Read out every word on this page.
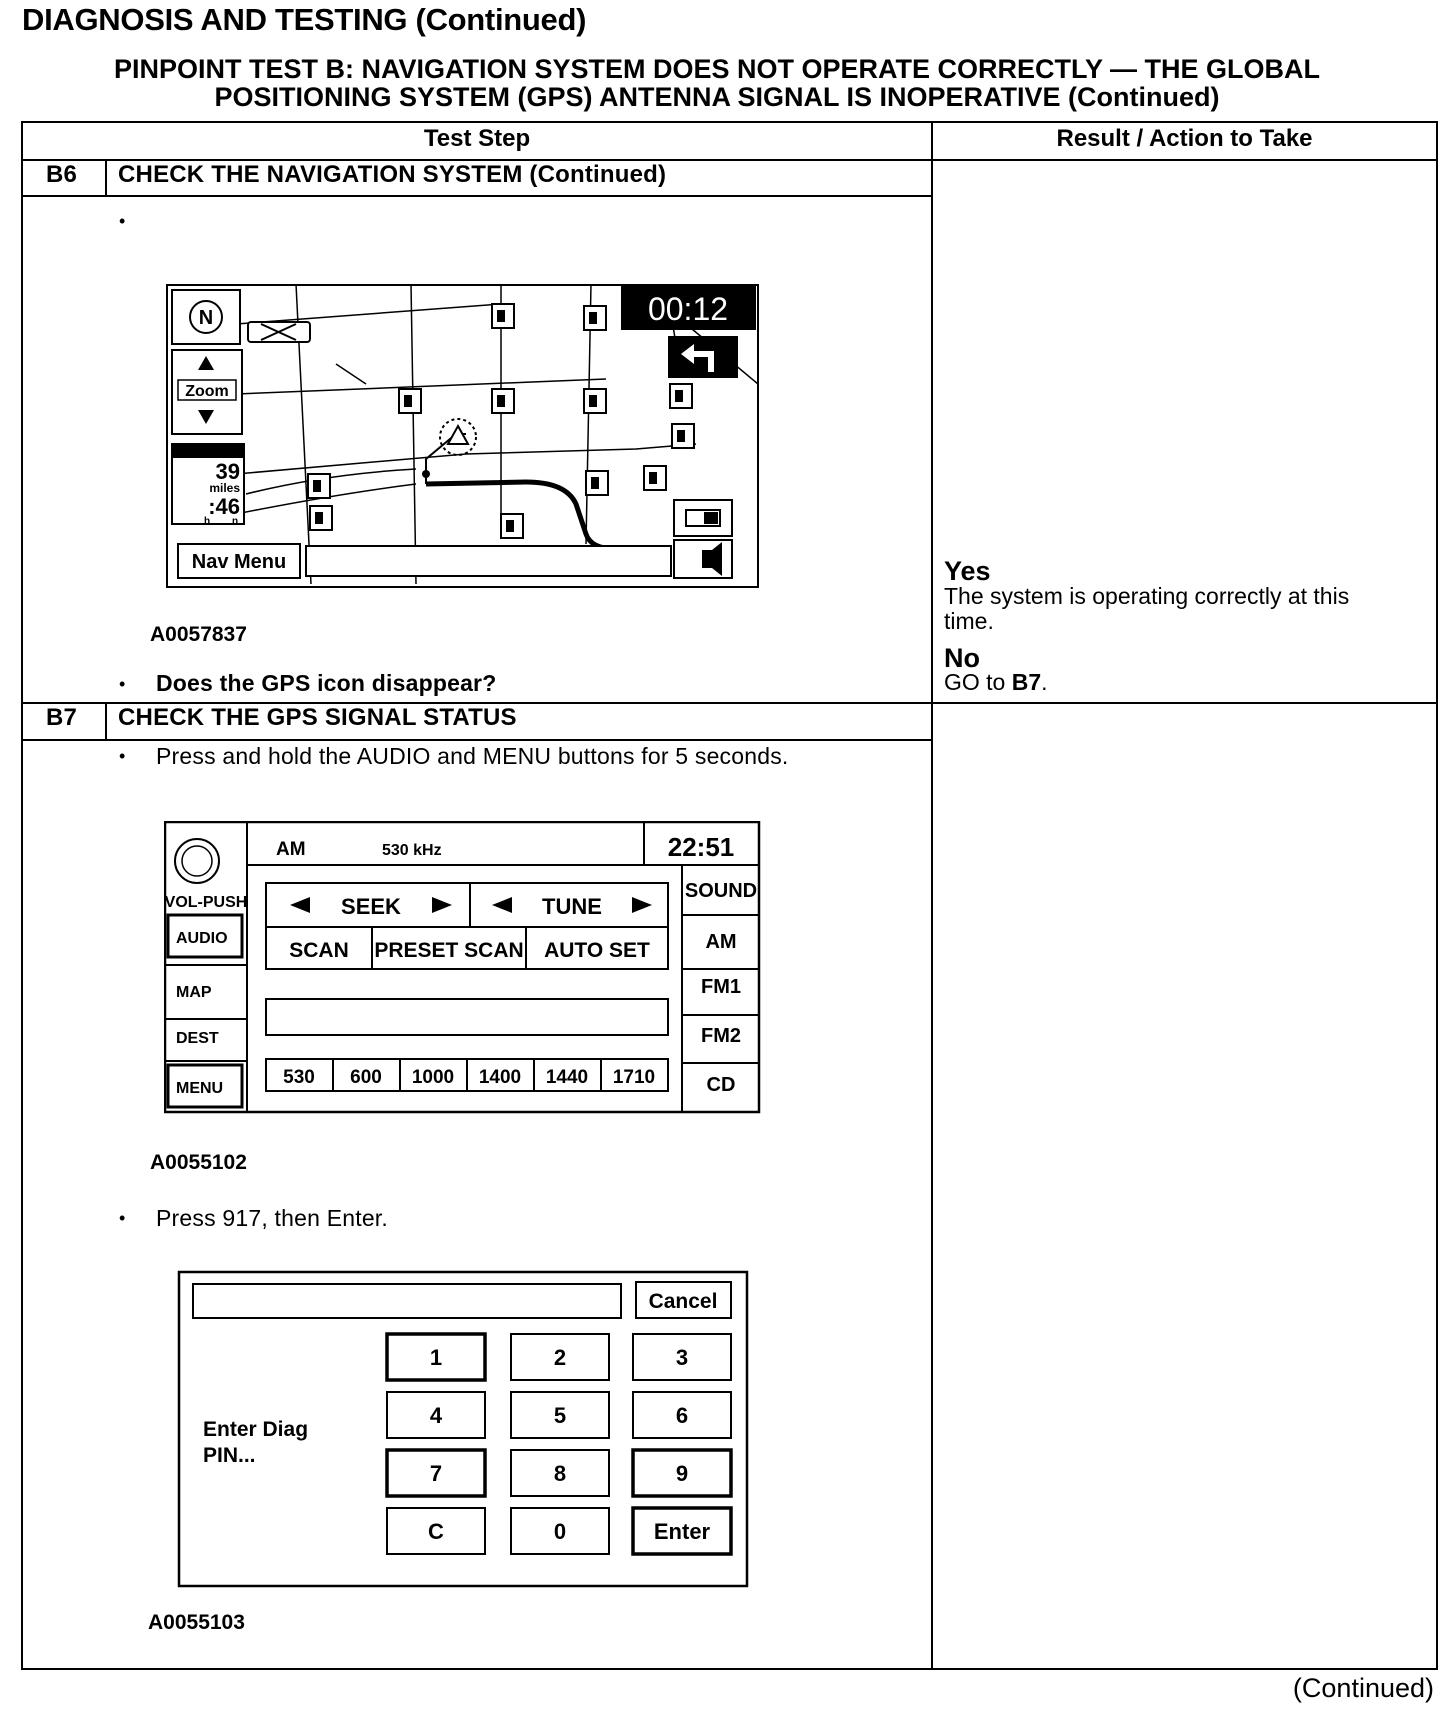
DIAGNOSIS AND TESTING (Continued)
PINPOINT TEST B: NAVIGATION SYSTEM DOES NOT OPERATE CORRECTLY — THE GLOBAL
POSITIONING SYSTEM (GPS) ANTENNA SIGNAL IS INOPERATIVE (Continued)
Test Step	Result / Action to Take
B6 CHECK THE NAVIGATION SYSTEM (Continued)
•
N
Zoom
39
miles
:46
h n
00:12
Nav Menu
A0057837
• Does the GPS icon disappear?
Yes
The system is operating correctly at this
time.
No
GO to B7.
B7 CHECK THE GPS SIGNAL STATUS
• Press and hold the AUDIO and MENU buttons for 5 seconds.
VOL-PUSH
AUDIO
MAP
DEST
MENU
AM	530 kHz	22:51
SEEK	TUNE
SCAN PRESET SCAN AUTO SET
530 600 1000 1400 1440 1710
SOUND
AM
FM1
FM2
CD
A0055102
• Press 917, then Enter.
Cancel
Enter Diag
PIN...
1	2	3
4	5	6
7	8	9
C	0	Enter
A0055103
(Continued)
